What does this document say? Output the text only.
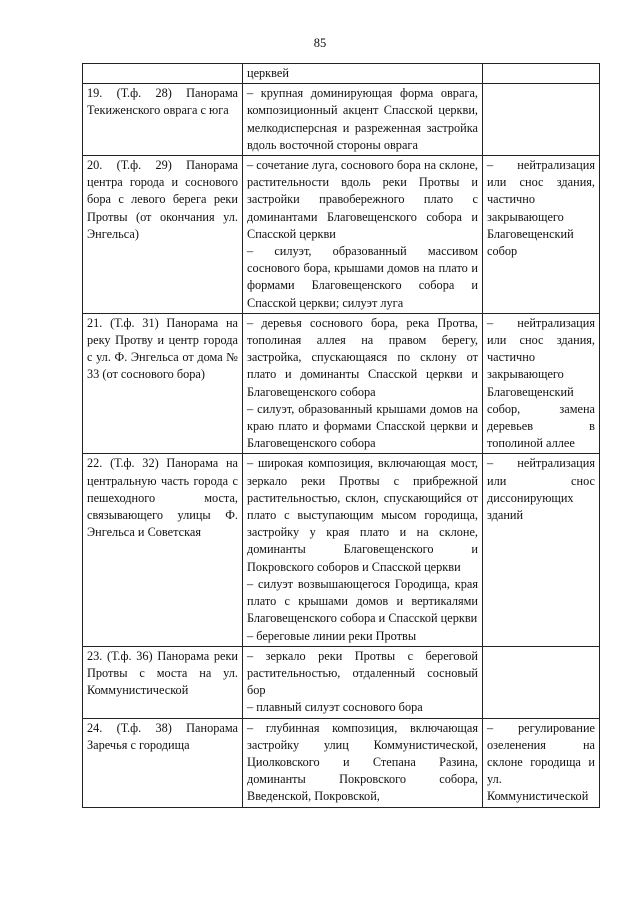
85

	церквей	

19. (Т.ф. 28) Панорама Текиженского оврага с юга	– крупная доминирующая форма оврага, композиционный акцент Спасской церкви, мелкодисперсная и разреженная застройка вдоль восточной стороны оврага	

20. (Т.ф. 29) Панорама центра города и соснового бора с левого берега реки Протвы (от окончания ул. Энгельса)	– сочетание луга, соснового бора на склоне, растительности вдоль реки Протвы и застройки правобережного плато с доминантами Благовещенского собора и Спасской церкви
– силуэт, образованный массивом соснового бора, крышами домов на плато и формами Благовещенского собора и Спасской церкви; силуэт луга	– нейтрализация или снос здания, частично закрывающего Благовещенский собор

21. (Т.ф. 31) Панорама на реку Протву и центр города с ул. Ф. Энгельса от дома № 33 (от соснового бора)	– деревья соснового бора, река Протва, тополиная аллея на правом берегу, застройка, спускающаяся по склону от плато и доминанты Спасской церкви и Благовещенского собора
– силуэт, образованный крышами домов на краю плато и формами Спасской церкви и Благовещенского собора	– нейтрализация или снос здания, частично закрывающего Благовещенский собор, замена деревьев в тополиной аллее

22. (Т.ф. 32) Панорама на центральную часть города с пешеходного моста, связывающего улицы Ф. Энгельса и Советская	– широкая композиция, включающая мост, зеркало реки Протвы с прибрежной растительностью, склон, спускающийся от плато с выступающим мысом городища, застройку у края плато и на склоне, доминанты Благовещенского и Покровского соборов и Спасской церкви
– силуэт возвышающегося Городища, края плато с крышами домов и вертикалями Благовещенского собора и Спасской церкви
– береговые линии реки Протвы	– нейтрализация или снос диссонирующих зданий

23. (Т.ф. 36) Панорама реки Протвы с моста на ул. Коммунистической	– зеркало реки Протвы с береговой растительностью, отдаленный сосновый бор
– плавный силуэт соснового бора	

24. (Т.ф. 38) Панорама Заречья с городища	– глубинная композиция, включающая застройку улиц Коммунистической, Циолковского и Степана Разина, доминанты Покровского собора, Введенской, Покровской,	– регулирование озеленения на склоне городища и ул. Коммунистической
